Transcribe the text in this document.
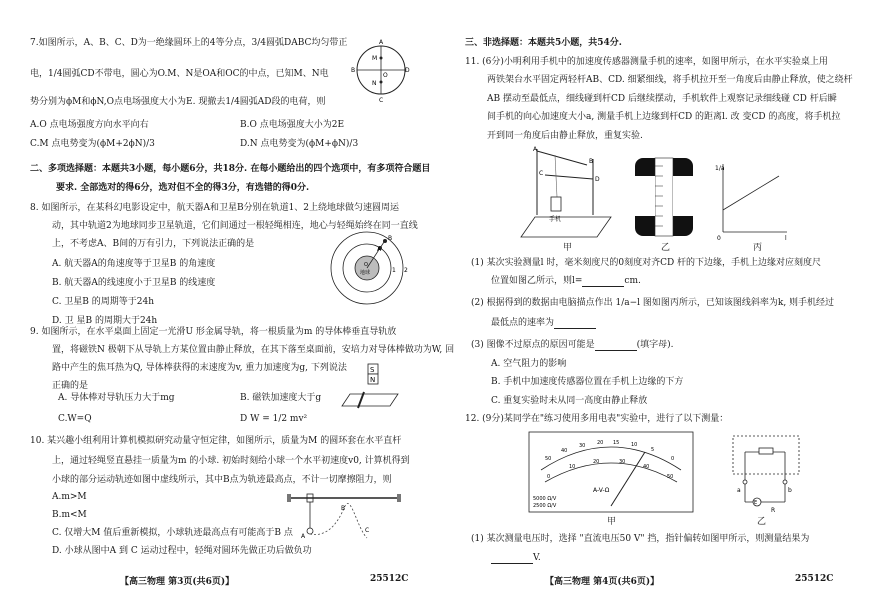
7.如图所示，A、B、C、D为一绝缘圆环上的4等分点，3/4圆弧DABC均匀带正
电，1/4圆弧CD不带电，圆心为O.M、N是OA和OC的中点，已知M、N电
势分别为ϕM和ϕN,O点电场强度大小为E. 现撤去1/4圆弧AD段的电荷，则
A.O 点电场强度方向水平向右	B.O 点电场强度大小为2E
C.M 点电势变为(ϕM+2ϕN)/3	D.N 点电势变为(ϕM+ϕN)/3
A
B
C
D
M
N
O
二、多项选择题：本题共3小题，每小题6分，共18分. 在每小题给出的四个选项中，有多项符合题目
要求. 全部选对的得6分，选对但不全的得3分，有选错的得0分.
8. 如图所示，在某科幻电影设定中，航天器A和卫星B分别在轨道1、2上绕地球做匀速圆周运
动，其中轨道2为地球同步卫星轨道，它们间通过一根轻绳相连，地心与轻绳始终在同一直线
上，不考虑A、B间的万有引力，下列说法正确的是
A. 航天器A的角速度等于卫星B 的角速度
B. 航天器A的线速度小于卫星B 的线速度
C. 卫星B 的周期等于24h
D. 卫 星B 的周期大于24h
A
B
O
地球	1 2
9. 如图所示，在水平桌面上固定一光滑U 形金属导轨，将一根质量为m 的导体棒垂直导轨放
置，将磁铁N 极朝下从导轨上方某位置由静止释放，在其下落至桌面前，安培力对导体棒做功为W, 回
路中产生的焦耳热为Q, 导体棒获得的末速度为v, 重力加速度为g, 下列说法
正确的是
A. 导体棒对导轨压力大于mg	B. 磁铁加速度大于g
C.W=Q	D W = 1/2 mv²
S
N
10. 某兴趣小组利用计算机模拟研究动量守恒定律，如图所示，质量为M 的圆环套在水平直杆
上，通过轻绳竖直悬挂一质量为m 的小球. 初始时刻给小球一个水平初速度v0, 计算机得到
小球的部分运动轨迹如图中虚线所示，其中B点为轨迹最高点，不计一切摩擦阻力，则
A.m>M
B.m<M
C. 仅增大M 值后重新模拟，小球轨迹最高点有可能高于B 点
D. 小球从图中A 到 C 运动过程中，轻绳对圆环先做正功后做负功
A
B
C
【高三物理 第3页(共6页)】	25512C
三、非选择题：本题共5小题，共54分.
11. (6分)小明利用手机中的加速度传感器测量手机的速率，如图甲所示，在水平实验桌上用
两铁架台水平固定两轻杆AB、CD. 细紧细线，将手机拉开至一角度后由静止释放，使之绕杆
AB 摆动至最低点，细线碰到杆CD 后继续摆动，手机软件上观察记录细线碰 CD 杆后瞬
间手机的向心加速度大小a, 测量手机上边缘到杆CD 的距离l. 改 变CD 的高度，将手机拉
开到同一角度后由静止释放，重复实验.
A
B
C
D
手机
甲	乙
1/a
l
0
丙
(1) 某次实验测量l 时，毫米刻度尺的0刻度对齐CD 杆的下边缘，手机上边缘对应刻度尺
位置如图乙所示，则l=	cm.
(2) 根据得到的数据由电脑描点作出 1/a−l 图如图丙所示，已知该图线斜率为k, 则手机经过
最低点的速率为
(3) 图像不过原点的原因可能是	(填字母).
A. 空气阻力的影响
B. 手机中加速度传感器位置在手机上边缘的下方
C. 重复实验时未从同一高度由静止释放
12. (9分)某同学在"练习使用多用电表"实验中，进行了以下测量：
50
40
30 20 15 10
5
0
0
10
20	30
40
50
A-V-Ω
5000 Ω/V
2500 Ω/V
甲
a	b
E
R
乙
(1) 某次测量电压时，选择 "直流电压50 V" 挡，指针偏转如图甲所示，则测量结果为
V.
【高三物理 第4页(共6页)】	25512C
